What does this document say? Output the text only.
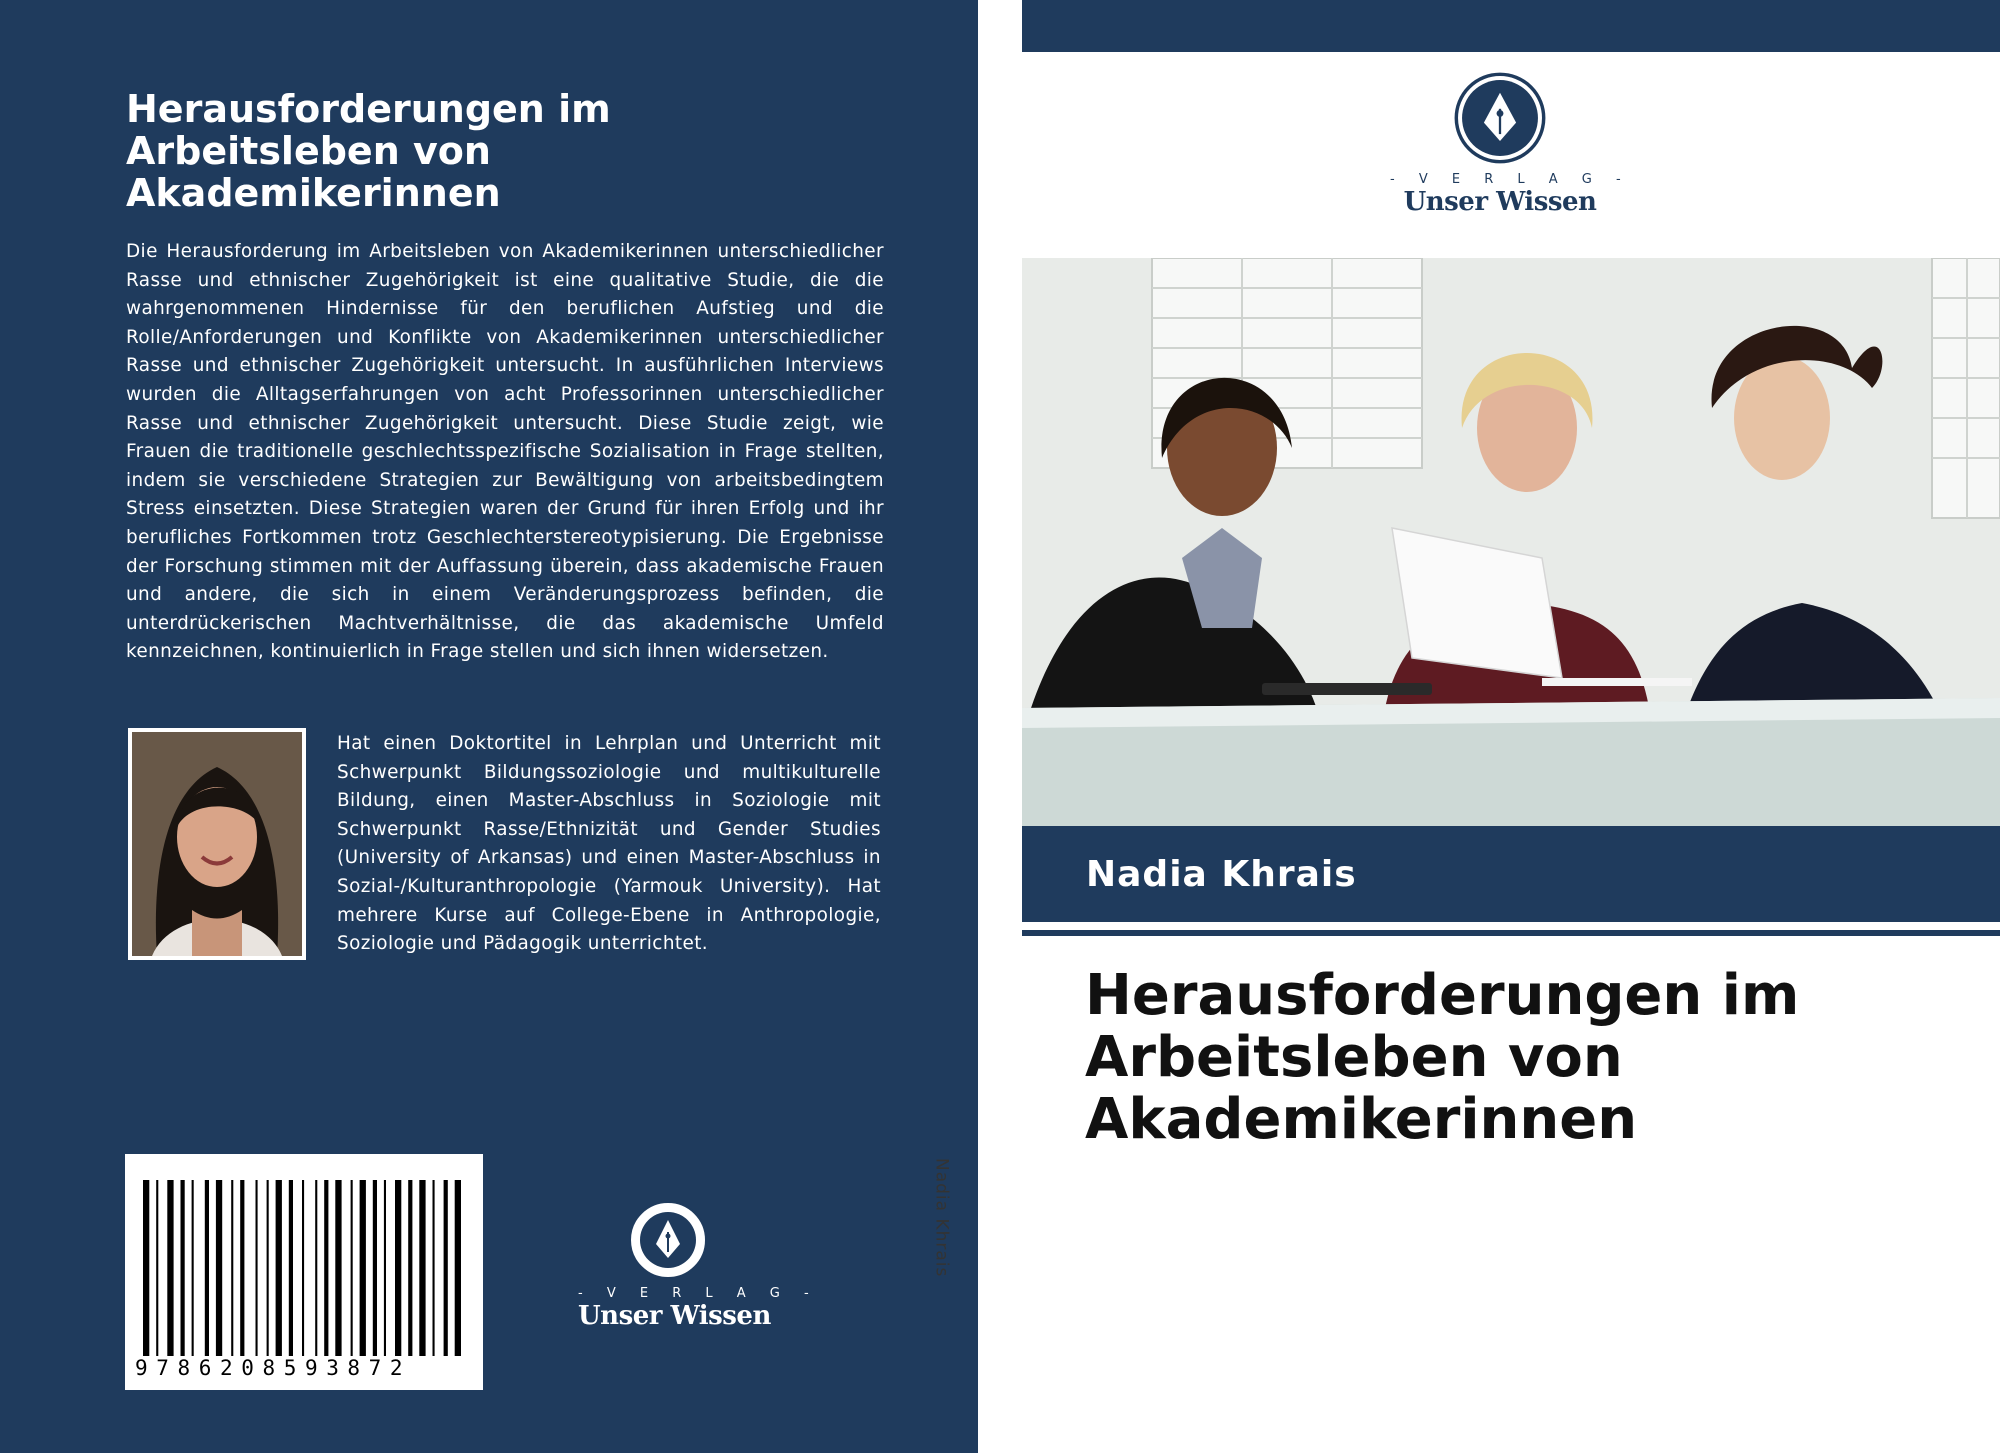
Herausforderungen im Arbeitsleben von Akademikerinnen

Die Herausforderung im Arbeitsleben von Akademikerinnen unterschiedlicher Rasse und ethnischer Zugehörigkeit ist eine qualitative Studie, die die wahrgenommenen Hindernisse für den beruflichen Aufstieg und die Rolle/Anforderungen und Konflikte von Akademikerinnen unterschiedlicher Rasse und ethnischer Zugehörigkeit untersucht. In ausführlichen Interviews wurden die Alltagserfahrungen von acht Professorinnen unterschiedlicher Rasse und ethnischer Zugehörigkeit untersucht. Diese Studie zeigt, wie Frauen die traditionelle geschlechtsspezifische Sozialisation in Frage stellten, indem sie verschiedene Strategien zur Bewältigung von arbeitsbedingtem Stress einsetzten. Diese Strategien waren der Grund für ihren Erfolg und ihr berufliches Fortkommen trotz Geschlechterstereotypisierung. Die Ergebnisse der Forschung stimmen mit der Auffassung überein, dass akademische Frauen und andere, die sich in einem Veränderungsprozess befinden, die unterdrückerischen Machtverhältnisse, die das akademische Umfeld kennzeichnen, kontinuierlich in Frage stellen und sich ihnen widersetzen.

Hat einen Doktortitel in Lehrplan und Unterricht mit Schwerpunkt Bildungssoziologie und multikulturelle Bildung, einen Master-Abschluss in Soziologie mit Schwerpunkt Rasse/Ethnizität und Gender Studies (University of Arkansas) und einen Master-Abschluss in Sozial-/Kulturanthropologie (Yarmouk University). Hat mehrere Kurse auf College-Ebene in Anthropologie, Soziologie und Pädagogik unterrichtet.

9786208593872
- V E R L A G -
Unser Wissen
Nadia Khrais
- V E R L A G -
Unser Wissen
Nadia Khrais
Herausforderungen im Arbeitsleben von Akademikerinnen
